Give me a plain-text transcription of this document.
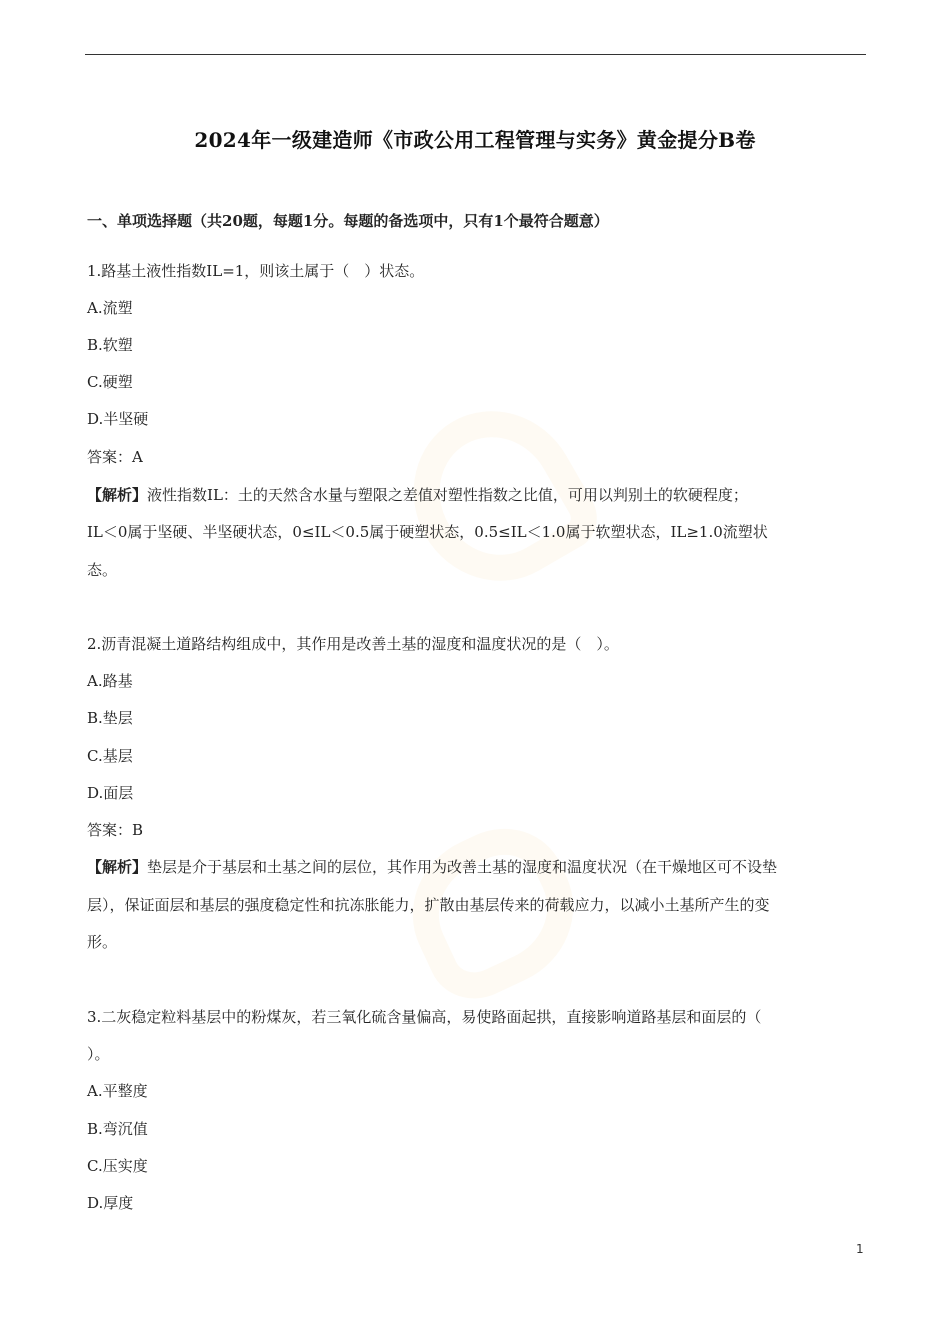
2024年一级建造师《市政公用工程管理与实务》黄金提分B卷
一、单项选择题（共20题，每题1分。每题的备选项中，只有1个最符合题意）
1.路基土液性指数IL=1，则该土属于（　）状态。
A.流塑
B.软塑
C.硬塑
D.半坚硬
答案：A
【解析】液性指数IL：土的天然含水量与塑限之差值对塑性指数之比值，可用以判别土的软硬程度；
IL＜0属于坚硬、半坚硬状态，0≤IL＜0.5属于硬塑状态，0.5≤IL＜1.0属于软塑状态，IL≥1.0流塑状
态。
2.沥青混凝土道路结构组成中，其作用是改善土基的湿度和温度状况的是（　）。
A.路基
B.垫层
C.基层
D.面层
答案：B
【解析】垫层是介于基层和土基之间的层位，其作用为改善土基的湿度和温度状况（在干燥地区可不设垫
层），保证面层和基层的强度稳定性和抗冻胀能力，扩散由基层传来的荷载应力，以减小土基所产生的变
形。
3.二灰稳定粒料基层中的粉煤灰，若三氧化硫含量偏高，易使路面起拱，直接影响道路基层和面层的（
）。
A.平整度
B.弯沉值
C.压实度
D.厚度
1
